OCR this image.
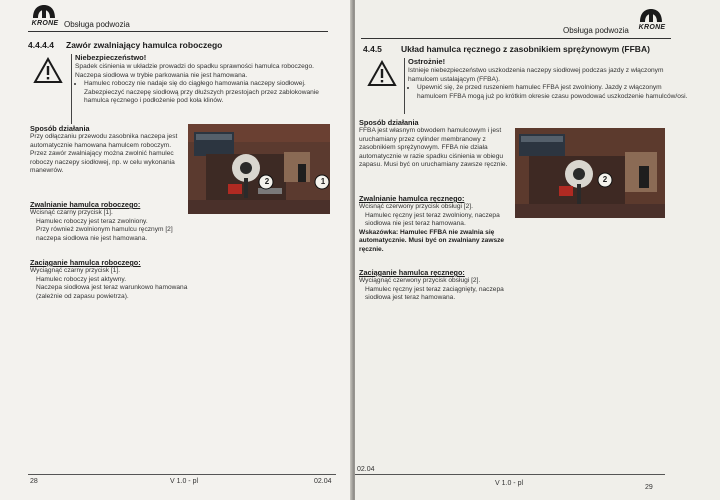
KRONE Obsługa podwozia
4.4.4.4 Zawór zwalniający hamulca roboczego
Niebezpieczeństwo!
Spadek ciśnienia w układzie prowadzi do spadku sprawności hamulca roboczego. Naczepa siodłowa w trybie parkowania nie jest hamowana.
• Hamulec roboczy nie nadaje się do ciągłego hamowania naczepy siodłowej. Zabezpieczyć naczepę siodłową przy dłuższych przestojach przez zablokowanie hamulca ręcznego i podłożenie pod koła klinów.
Sposób działania
Przy odłączaniu przewodu zasobnika naczepa jest automatycznie hamowana hamulcem roboczym. Przez zawór zwalniający można zwolnić hamulec roboczy naczepy siodłowej, np. w celu wykonania manewrów.
Zwalnianie hamulca roboczego:
Wcisnąć czarny przycisk [1].
Hamulec roboczy jest teraz zwolniony.
Przy również zwolnionym hamulcu ręcznym [2] naczepa siodłowa nie jest hamowana.
Zaciąganie hamulca roboczego:
Wyciągnąć czarny przycisk [1].
Hamulec roboczy jest aktywny.
Naczepa siodłowa jest teraz warunkowo hamowana (zależnie od zapasu powietrza).
2	1
28	V 1.0 - pl	02.04
Obsługa podwozia	KRONE
4.4.5 Układ hamulca ręcznego z zasobnikiem sprężynowym (FFBA)
Ostrożnie!
Istnieje niebezpieczeństwo uszkodzenia naczepy siodłowej podczas jazdy z włączonym hamulcem ustalającym (FFBA).
• Upewnić się, że przed ruszeniem hamulec FFBA jest zwolniony. Jazdy z włączonym hamulcem FFBA mogą już po krótkim okresie czasu powodować uszkodzenie hamulców/osi.
Sposób działania
FFBA jest własnym obwodem hamulcowym i jest uruchamiany przez cylinder membranowy z zasobnikiem sprężynowym. FFBA nie działa automatycznie w razie spadku ciśnienia w obiegu zapasu. Musi być on uruchamiany zawsze ręcznie.
Zwalnianie hamulca ręcznego:
Wcisnąć czerwony przycisk obsługi [2].
Hamulec ręczny jest teraz zwolniony, naczepa siodłowa nie jest teraz hamowana.
Wskazówka: Hamulec FFBA nie zwalnia się automatycznie. Musi być on zwalniany zawsze ręcznie.
Zaciąganie hamulca ręcznego:
Wyciągnąć czerwony przycisk obsługi [2].
Hamulec ręczny jest teraz zaciągnięty, naczepa siodłowa jest teraz hamowana.
2
02.04
V 1.0 - pl
29
